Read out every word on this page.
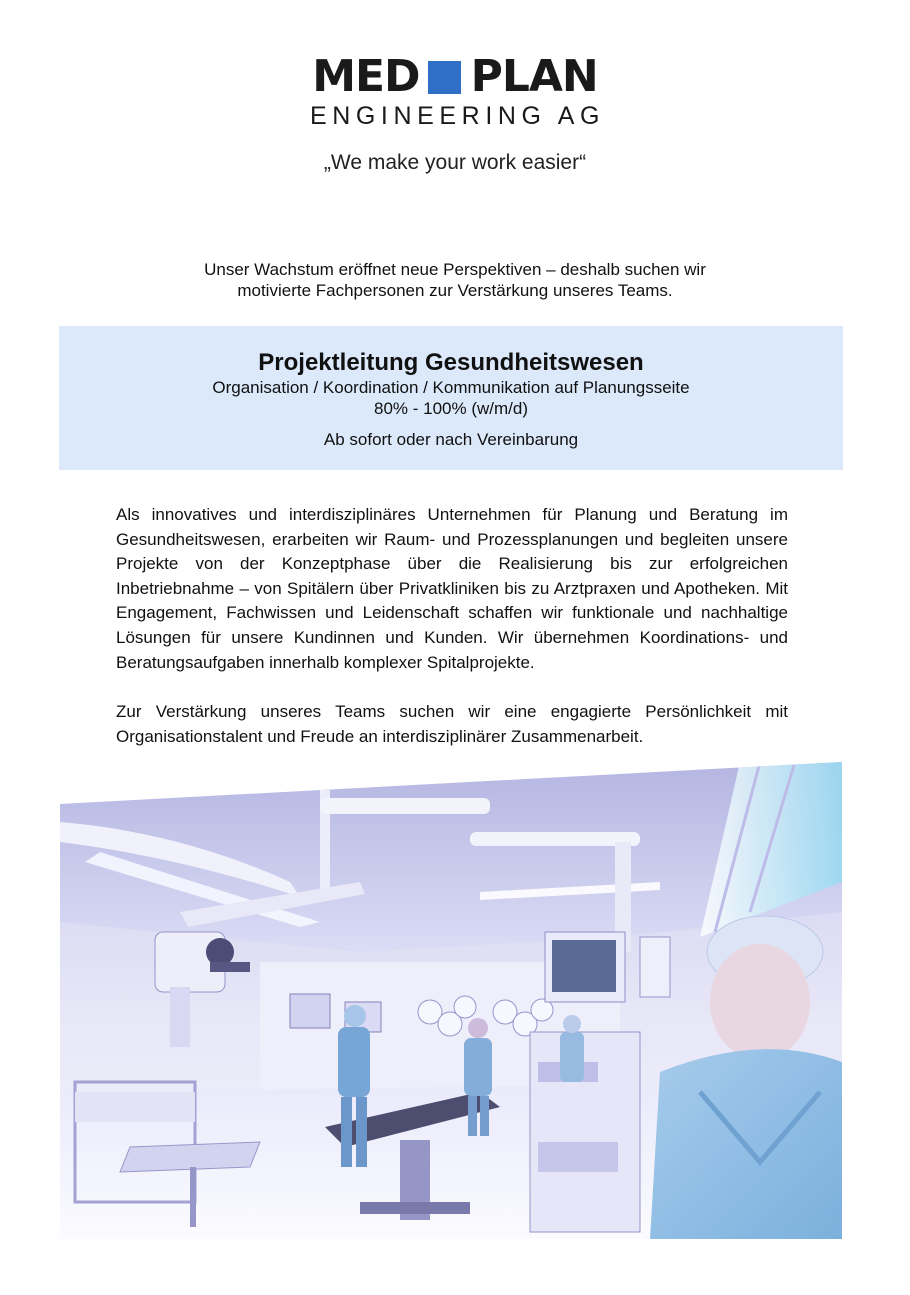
MED PLAN
ENGINEERING AG
„We make your work easier“
Unser Wachstum eröffnet neue Perspektiven – deshalb suchen wir
motivierte Fachpersonen zur Verstärkung unseres Teams.
Projektleitung Gesundheitswesen
Organisation / Koordination / Kommunikation auf Planungsseite
80% - 100% (w/m/d)
Ab sofort oder nach Vereinbarung
Als innovatives und interdisziplinäres Unternehmen für Planung und Beratung im Gesundheitswesen, erarbeiten wir Raum- und Prozessplanungen und begleiten unsere Projekte von der Konzeptphase über die Realisierung bis zur erfolgreichen Inbetriebnahme – von Spitälern über Privatkliniken bis zu Arztpraxen und Apotheken. Mit Engagement, Fachwissen und Leidenschaft schaffen wir funktionale und nachhaltige Lösungen für unsere Kundinnen und Kunden. Wir übernehmen Koordinations- und Beratungsaufgaben innerhalb komplexer Spitalprojekte.
Zur Verstärkung unseres Teams suchen wir eine engagierte Persönlichkeit mit Organisationstalent und Freude an interdisziplinärer Zusammenarbeit.
